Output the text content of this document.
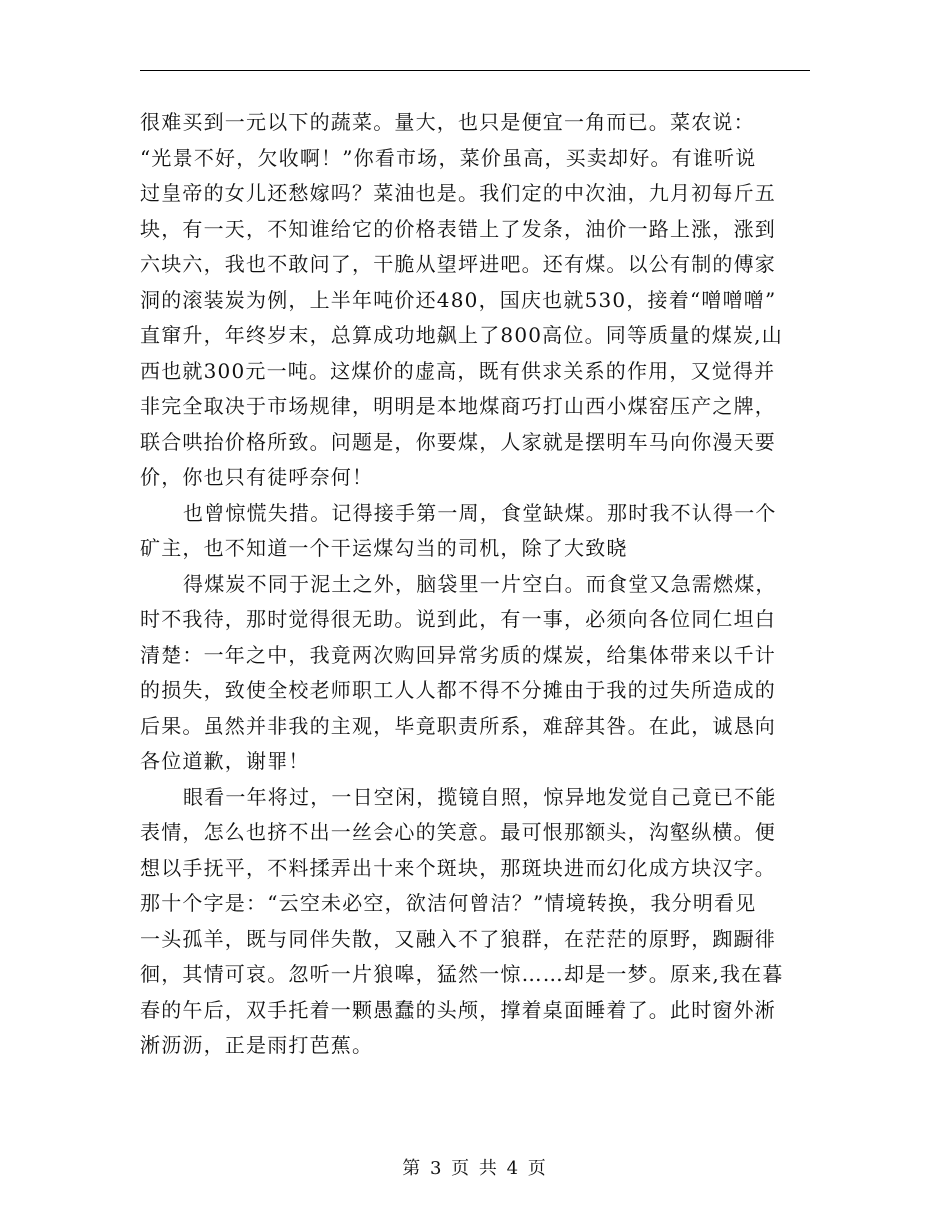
很难买到一元以下的蔬菜。量大，也只是便宜一角而已。菜农说：
“光景不好，欠收啊！”你看市场，菜价虽高，买卖却好。有谁听说
过皇帝的女儿还愁嫁吗？菜油也是。我们定的中次油，九月初每斤五
块，有一天，不知谁给它的价格表错上了发条，油价一路上涨，涨到
六块六，我也不敢问了，干脆从望坪进吧。还有煤。以公有制的傅家
洞的滚装炭为例，上半年吨价还480，国庆也就530，接着“噌噌噌”
直窜升，年终岁末，总算成功地飙上了800高位。同等质量的煤炭,山
西也就300元一吨。这煤价的虚高，既有供求关系的作用，又觉得并
非完全取决于市场规律，明明是本地煤商巧打山西小煤窑压产之牌，
联合哄抬价格所致。问题是，你要煤，人家就是摆明车马向你漫天要
价，你也只有徒呼奈何！
也曾惊慌失措。记得接手第一周，食堂缺煤。那时我不认得一个
矿主，也不知道一个干运煤勾当的司机，除了大致晓
得煤炭不同于泥土之外，脑袋里一片空白。而食堂又急需燃煤，
时不我待，那时觉得很无助。说到此，有一事，必须向各位同仁坦白
清楚：一年之中，我竟两次购回异常劣质的煤炭，给集体带来以千计
的损失，致使全校老师职工人人都不得不分摊由于我的过失所造成的
后果。虽然并非我的主观，毕竟职责所系，难辞其咎。在此，诚恳向
各位道歉，谢罪！
眼看一年将过，一日空闲，揽镜自照，惊异地发觉自己竟已不能
表情，怎么也挤不出一丝会心的笑意。最可恨那额头，沟壑纵横。便
想以手抚平，不料揉弄出十来个斑块，那斑块进而幻化成方块汉字。
那十个字是：“云空未必空，欲洁何曾洁？”情境转换，我分明看见
一头孤羊，既与同伴失散，又融入不了狼群，在茫茫的原野，踟蹰徘
徊，其情可哀。忽听一片狼嗥，猛然一惊……却是一梦。原来,我在暮
春的午后，双手托着一颗愚蠢的头颅，撑着桌面睡着了。此时窗外淅
淅沥沥，正是雨打芭蕉。
第 3 页 共 4 页
